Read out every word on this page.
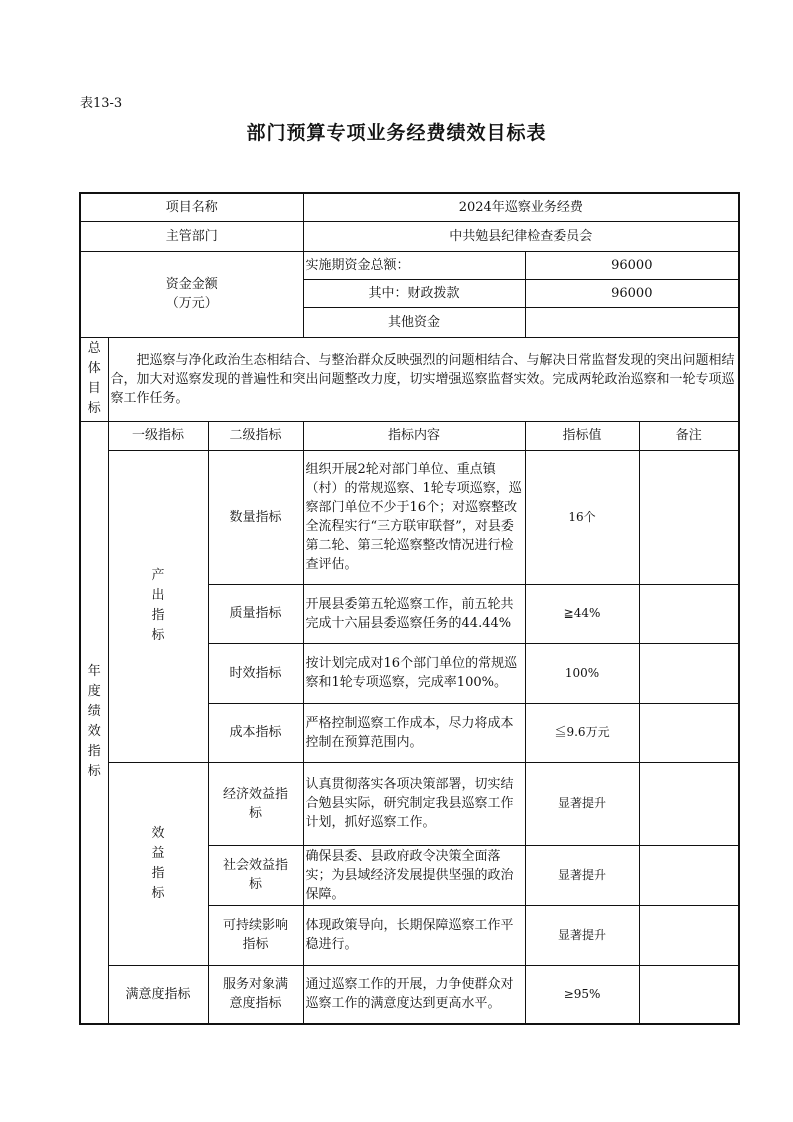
表13-3
部门预算专项业务经费绩效目标表
项目名称			2024年巡察业务经费		
主管部门			中共勉县纪律检查委员会		
资金金额
（万元）			实施期资金总额：	96000	
			其中：财政拨款	96000	
			其他资金		
总体目标	把巡察与净化政治生态相结合、与整治群众反映强烈的问题相结合、与解决日常监督发现的突出问题相结合，加大对巡察发现的普遍性和突出问题整改力度，切实增强巡察监督实效。完成两轮政治巡察和一轮专项巡察工作任务。				
年度绩效指标	一级指标	二级指标	指标内容	指标值	备注
	产出指标	数量指标	组织开展2轮对部门单位、重点镇（村）的常规巡察、1轮专项巡察，巡察部门单位不少于16个；对巡察整改全流程实行“三方联审联督”，对县委第二轮、第三轮巡察整改情况进行检查评估。	16个	
		质量指标	开展县委第五轮巡察工作，前五轮共完成十六届县委巡察任务的44.44%	≧44%	
		时效指标	按计划完成对16个部门单位的常规巡察和1轮专项巡察，完成率100%。	100%	
		成本指标	严格控制巡察工作成本，尽力将成本控制在预算范围内。	≦9.6万元	
	效益指标	经济效益指标	认真贯彻落实各项决策部署，切实结合勉县实际，研究制定我县巡察工作计划，抓好巡察工作。	显著提升	
		社会效益指标	确保县委、县政府政令决策全面落实；为县域经济发展提供坚强的政治保障。	显著提升	
		可持续影响指标	体现政策导向，长期保障巡察工作平稳进行。	显著提升	
	满意度指标	服务对象满意度指标	通过巡察工作的开展，力争使群众对巡察工作的满意度达到更高水平。	≥95%	
